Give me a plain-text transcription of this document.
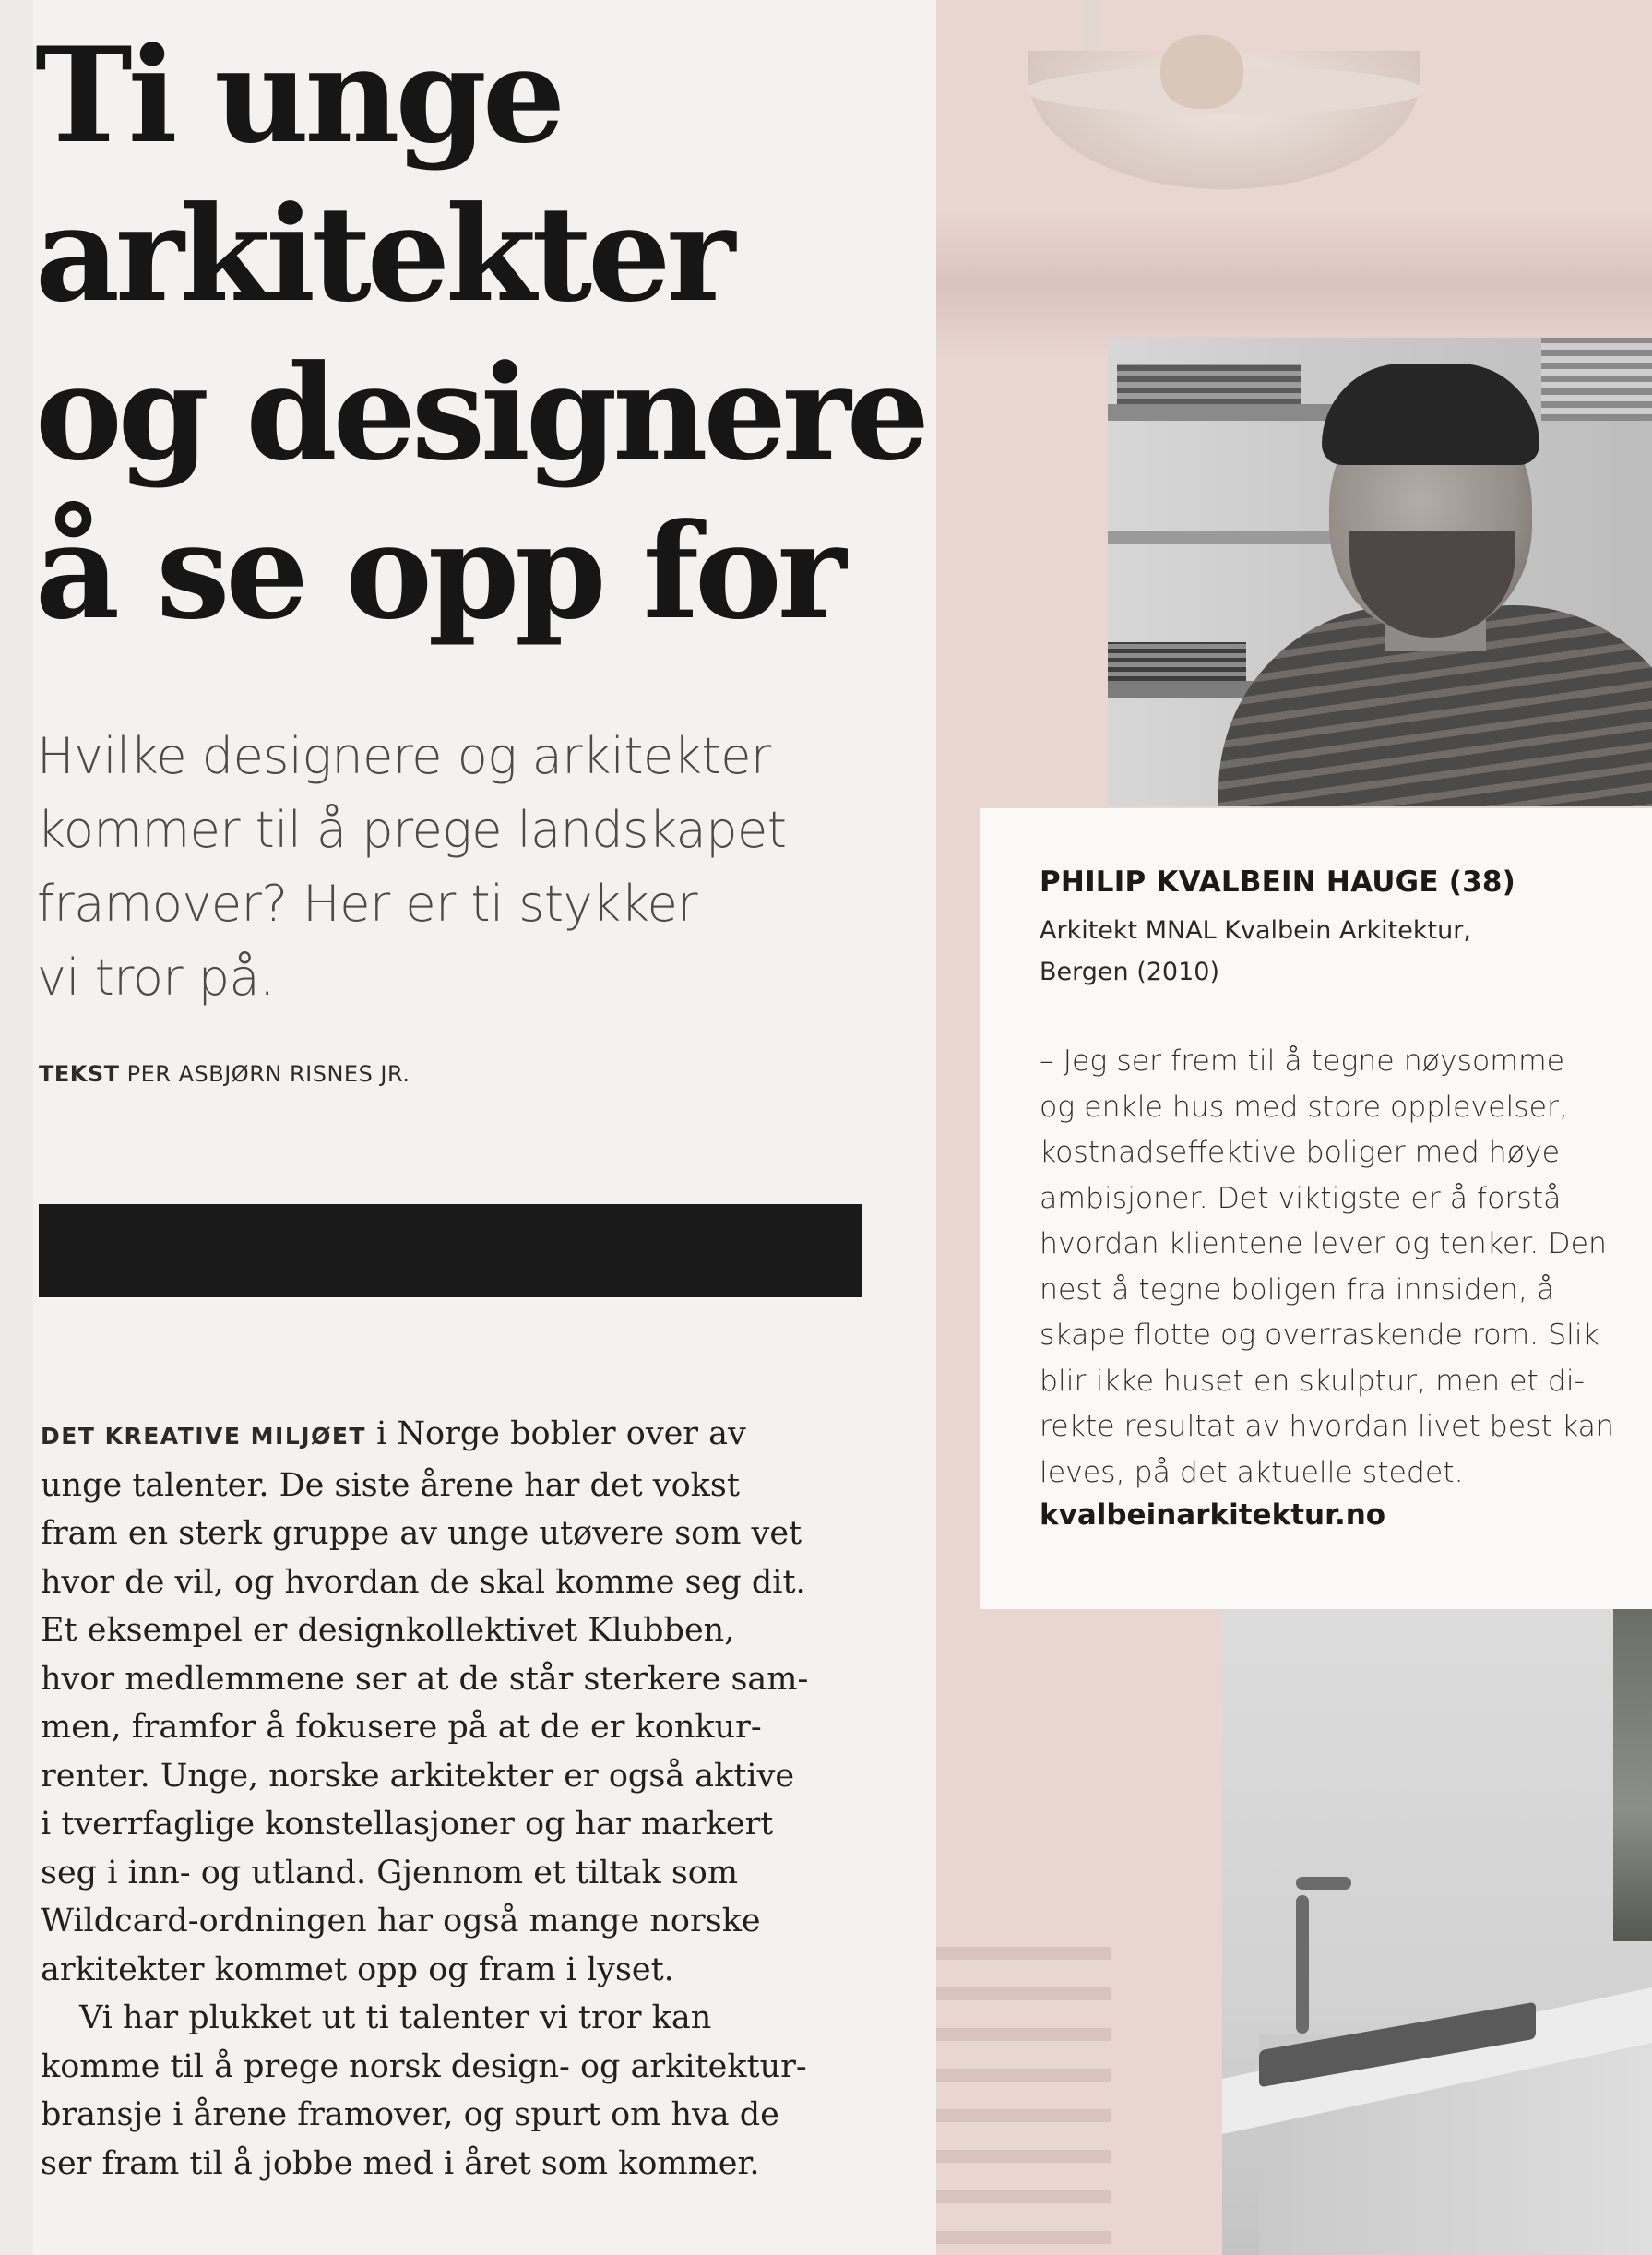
Ti unge
arkitekter
og designere
å se opp for

Hvilke designere og arkitekter
kommer til å prege landskapet
framover? Her er ti stykker
vi tror på.

TEKST PER ASBJØRN RISNES JR.

DET KREATIVE MILJØET i Norge bobler over av
unge talenter. De siste årene har det vokst
fram en sterk gruppe av unge utøvere som vet
hvor de vil, og hvordan de skal komme seg dit.
Et eksempel er designkollektivet Klubben,
hvor medlemmene ser at de står sterkere sam-
men, framfor å fokusere på at de er konkur-
renter. Unge, norske arkitekter er også aktive
i tverrfaglige konstellasjoner og har markert
seg i inn- og utland. Gjennom et tiltak som
Wildcard-ordningen har også mange norske
arkitekter kommet opp og fram i lyset.
Vi har plukket ut ti talenter vi tror kan
komme til å prege norsk design- og arkitektur-
bransje i årene framover, og spurt om hva de
ser fram til å jobbe med i året som kommer.

PHILIP KVALBEIN HAUGE (38)

Arkitekt MNAL Kvalbein Arkitektur,
Bergen (2010)

– Jeg ser frem til å tegne nøysomme
og enkle hus med store opplevelser,
kostnadseffektive boliger med høye
ambisjoner. Det viktigste er å forstå
hvordan klientene lever og tenker. Den
nest å tegne boligen fra innsiden, å
skape flotte og overraskende rom. Slik
blir ikke huset en skulptur, men et di-
rekte resultat av hvordan livet best kan
leves, på det aktuelle stedet.

kvalbeinarkitektur.no
